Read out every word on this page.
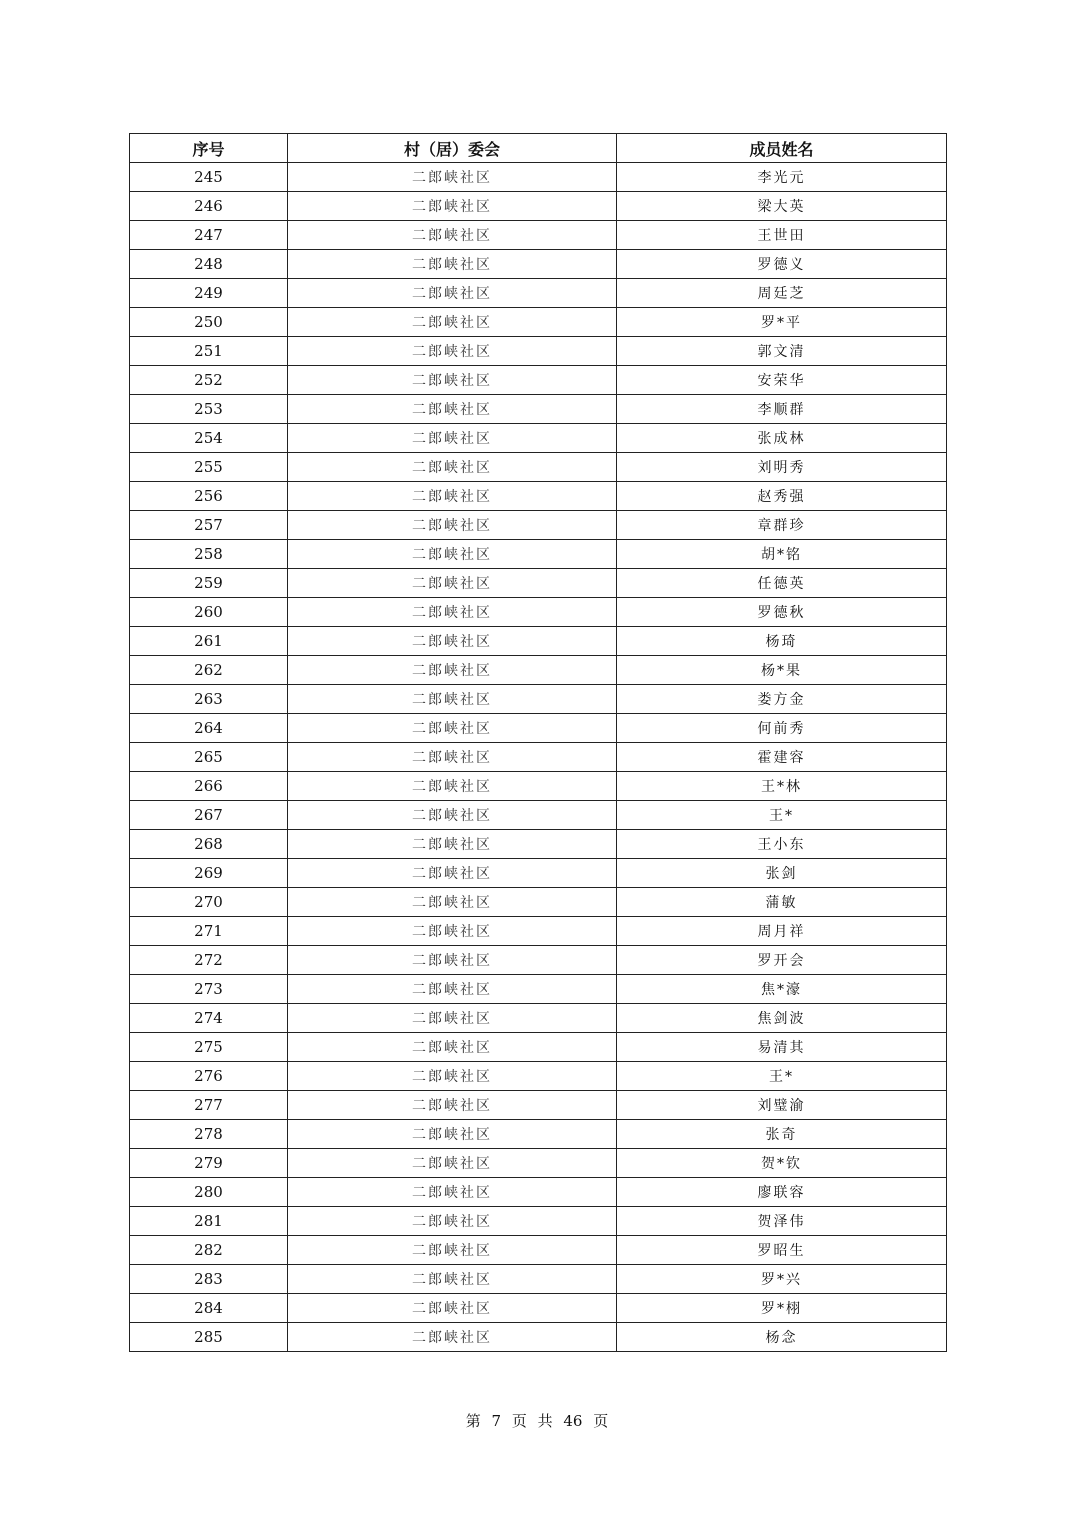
序号	村（居）委会	成员姓名
245	二郎峡社区	李光元
246	二郎峡社区	梁大英
247	二郎峡社区	王世田
248	二郎峡社区	罗德义
249	二郎峡社区	周廷芝
250	二郎峡社区	罗*平
251	二郎峡社区	郭文清
252	二郎峡社区	安荣华
253	二郎峡社区	李顺群
254	二郎峡社区	张成林
255	二郎峡社区	刘明秀
256	二郎峡社区	赵秀强
257	二郎峡社区	章群珍
258	二郎峡社区	胡*铭
259	二郎峡社区	任德英
260	二郎峡社区	罗德秋
261	二郎峡社区	杨琦
262	二郎峡社区	杨*果
263	二郎峡社区	娄方金
264	二郎峡社区	何前秀
265	二郎峡社区	霍建容
266	二郎峡社区	王*林
267	二郎峡社区	王*
268	二郎峡社区	王小东
269	二郎峡社区	张剑
270	二郎峡社区	蒲敏
271	二郎峡社区	周月祥
272	二郎峡社区	罗开会
273	二郎峡社区	焦*濠
274	二郎峡社区	焦剑波
275	二郎峡社区	易清其
276	二郎峡社区	王*
277	二郎峡社区	刘璧渝
278	二郎峡社区	张奇
279	二郎峡社区	贺*钦
280	二郎峡社区	廖联容
281	二郎峡社区	贺泽伟
282	二郎峡社区	罗昭生
283	二郎峡社区	罗*兴
284	二郎峡社区	罗*栩
285	二郎峡社区	杨念
第 7 页 共 46 页
